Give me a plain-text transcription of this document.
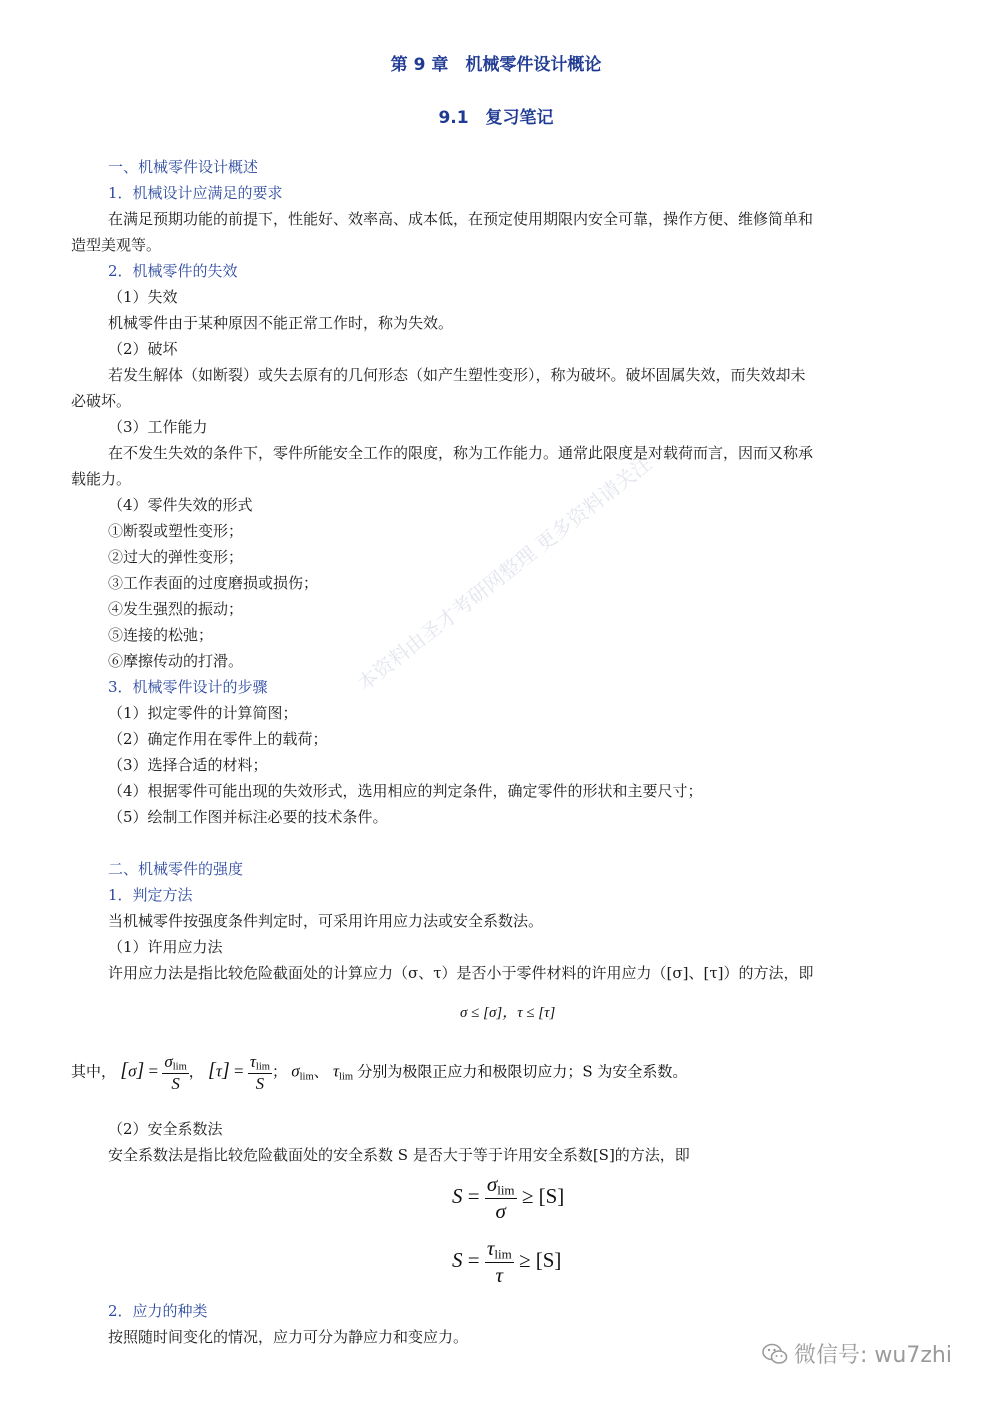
第 9 章　机械零件设计概论
9.1　复习笔记
一、机械零件设计概述
1．机械设计应满足的要求
在满足预期功能的前提下，性能好、效率高、成本低，在预定使用期限内安全可靠，操作方便、维修简单和
造型美观等。
2．机械零件的失效
（1）失效
机械零件由于某种原因不能正常工作时，称为失效。
（2）破坏
若发生解体（如断裂）或失去原有的几何形态（如产生塑性变形），称为破坏。破坏固属失效，而失效却未
必破坏。
（3）工作能力
在不发生失效的条件下，零件所能安全工作的限度，称为工作能力。通常此限度是对载荷而言，因而又称承
载能力。
（4）零件失效的形式
①断裂或塑性变形；
②过大的弹性变形；
③工作表面的过度磨损或损伤；
④发生强烈的振动；
⑤连接的松弛；
⑥摩擦传动的打滑。
3．机械零件设计的步骤
（1）拟定零件的计算简图；
（2）确定作用在零件上的载荷；
（3）选择合适的材料；
（4）根据零件可能出现的失效形式，选用相应的判定条件，确定零件的形状和主要尺寸；
（5）绘制工作图并标注必要的技术条件。
二、机械零件的强度
1．判定方法
当机械零件按强度条件判定时，可采用许用应力法或安全系数法。
（1）许用应力法
许用应力法是指比较危险截面处的计算应力（σ、τ）是否小于零件材料的许用应力（[σ]、[τ]）的方法，即
（2）安全系数法
安全系数法是指比较危险截面处的安全系数 S 是否大于等于许用安全系数[S]的方法，即
2．应力的种类
按照随时间变化的情况，应力可分为静应力和变应力。
σ ≤ [σ]，τ ≤ [τ]
其中， $[\sigma] = \frac{\sigma_{lim}}{S}$ ， $[\tau] = \frac{\tau_{lim}}{S}$ ； $\sigma_{lim}$、 $\tau_{lim}$ 分别为极限正应力和极限切应力；S 为安全系数。
$S = \frac{\sigma_{lim}}{\sigma} \ge [S]$
$S = \frac{\tau_{lim}}{\tau} \ge [S]$
本资料由圣才考研网整理 更多资料请关注
微信号: wu7zhi
